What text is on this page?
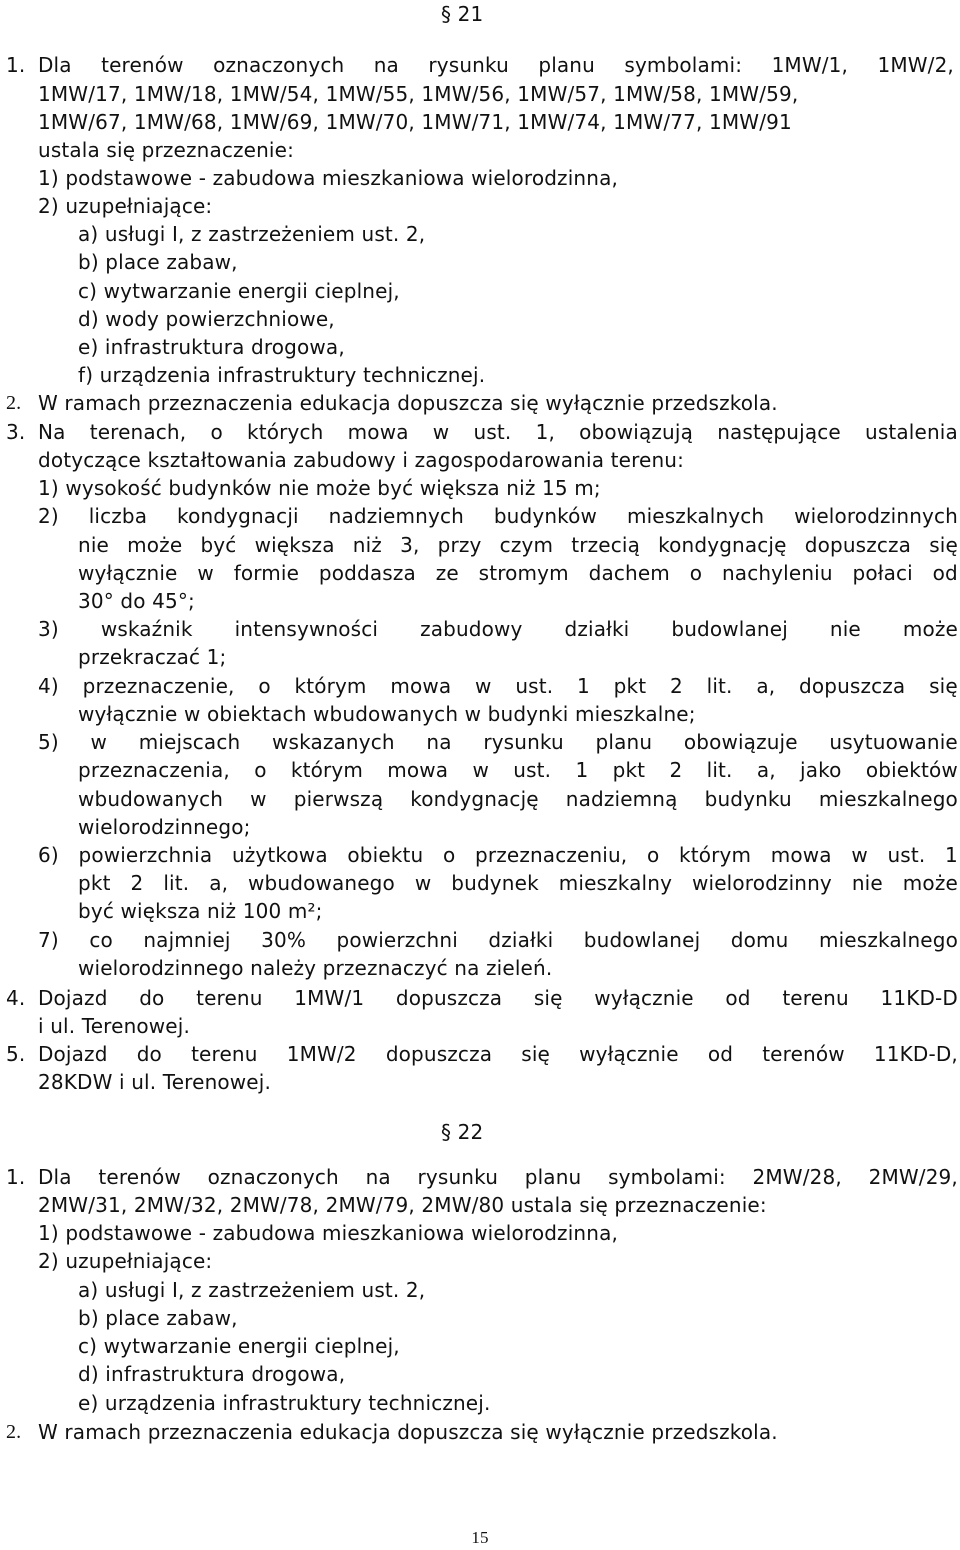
§ 21
1. Dla terenów oznaczonych na rysunku planu symbolami: 1MW/1, 1MW/2,
1MW/17, 1MW/18, 1MW/54, 1MW/55, 1MW/56, 1MW/57, 1MW/58, 1MW/59,
1MW/67, 1MW/68, 1MW/69, 1MW/70, 1MW/71, 1MW/74, 1MW/77, 1MW/91
ustala się przeznaczenie:
1) podstawowe - zabudowa mieszkaniowa wielorodzinna,
2) uzupełniające:
a) usługi I, z zastrzeżeniem ust. 2,
b) place zabaw,
c) wytwarzanie energii cieplnej,
d) wody powierzchniowe,
e) infrastruktura drogowa,
f) urządzenia infrastruktury technicznej.
2. W ramach przeznaczenia edukacja dopuszcza się wyłącznie przedszkola.
3. Na terenach, o których mowa w ust. 1, obowiązują następujące ustalenia
dotyczące kształtowania zabudowy i zagospodarowania terenu:
1) wysokość budynków nie może być większa niż 15 m;
2) liczba kondygnacji nadziemnych budynków mieszkalnych wielorodzinnych
nie może być większa niż 3, przy czym trzecią kondygnację dopuszcza się
wyłącznie w formie poddasza ze stromym dachem o nachyleniu połaci od
30° do 45°;
3) wskaźnik intensywności zabudowy działki budowlanej nie może
przekraczać 1;
4) przeznaczenie, o którym mowa w ust. 1 pkt 2 lit. a, dopuszcza się
wyłącznie w obiektach wbudowanych w budynki mieszkalne;
5) w miejscach wskazanych na rysunku planu obowiązuje usytuowanie
przeznaczenia, o którym mowa w ust. 1 pkt 2 lit. a, jako obiektów
wbudowanych w pierwszą kondygnację nadziemną budynku mieszkalnego
wielorodzinnego;
6) powierzchnia użytkowa obiektu o przeznaczeniu, o którym mowa w ust. 1
pkt 2 lit. a, wbudowanego w budynek mieszkalny wielorodzinny nie może
być większa niż 100 m²;
7) co najmniej 30% powierzchni działki budowlanej domu mieszkalnego
wielorodzinnego należy przeznaczyć na zieleń.
4. Dojazd do terenu 1MW/1 dopuszcza się wyłącznie od terenu 11KD-D
i ul. Terenowej.
5. Dojazd do terenu 1MW/2 dopuszcza się wyłącznie od terenów 11KD-D,
28KDW i ul. Terenowej.
§ 22
1. Dla terenów oznaczonych na rysunku planu symbolami: 2MW/28, 2MW/29,
2MW/31, 2MW/32, 2MW/78, 2MW/79, 2MW/80 ustala się przeznaczenie:
1) podstawowe - zabudowa mieszkaniowa wielorodzinna,
2) uzupełniające:
a) usługi I, z zastrzeżeniem ust. 2,
b) place zabaw,
c) wytwarzanie energii cieplnej,
d) infrastruktura drogowa,
e) urządzenia infrastruktury technicznej.
2. W ramach przeznaczenia edukacja dopuszcza się wyłącznie przedszkola.
15
